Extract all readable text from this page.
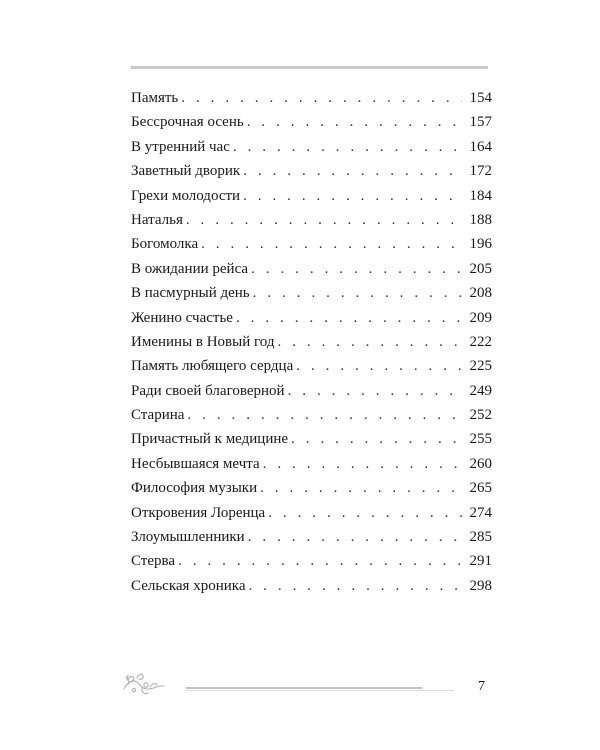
Память . . .	154
Бессрочная осень . . .	157
В утренний час . . .	164
Заветный дворик . . .	172
Грехи молодости . . .	184
Наталья . . .	188
Богомолка . . .	196
В ожидании рейса . . .	205
В пасмурный день . . .	208
Женино счастье . . .	209
Именины в Новый год . . .	222
Память любящего сердца . . .	225
Ради своей благоверной . . .	249
Старина . . .	252
Причастный к медицине . . .	255
Несбывшаяся мечта . . .	260
Философия музыки . . .	265
Откровения Лоренца . . .	274
Злоумышленники . . .	285
Стерва . . .	291
Сельская хроника . . .	298
7
